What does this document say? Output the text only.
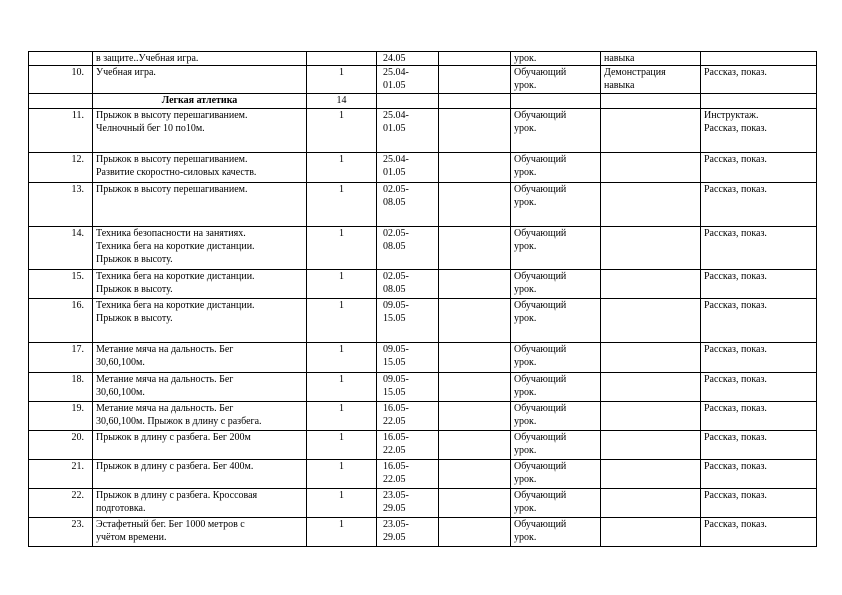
	в защите..Учебная игра.		24.05		урок.	навыка	
10.	Учебная игра.	1	25.04-
01.05		Обучающий
урок.	Демонстрация
навыка	Рассказ, показ.
	Легкая атлетика	14					
11.	Прыжок в высоту перешагиванием.
Челночный бег 10 по10м.	1	25.04-
01.05		Обучающий
урок.		Инструктаж.
Рассказ, показ.
12.	Прыжок в высоту перешагиванием.
Развитие скоростно-силовых качеств.	1	25.04-
01.05		Обучающий
урок.		Рассказ, показ.
13.	Прыжок в высоту перешагиванием.	1	02.05-
08.05		Обучающий
урок.		Рассказ, показ.
14.	Техника безопасности на занятиях.
Техника бега на короткие дистанции.
Прыжок в высоту.	1	02.05-
08.05		Обучающий
урок.		Рассказ, показ.
15.	Техника бега на короткие дистанции.
Прыжок в высоту.	1	02.05-
08.05		Обучающий
урок.		Рассказ, показ.
16.	Техника бега на короткие дистанции.
Прыжок в высоту.	1	09.05-
15.05		Обучающий
урок.		Рассказ, показ.
17.	Метание мяча на дальность. Бег
30,60,100м.	1	09.05-
15.05		Обучающий
урок.		Рассказ, показ.
18.	Метание мяча на дальность. Бег
30,60,100м.	1	09.05-
15.05		Обучающий
урок.		Рассказ, показ.
19.	Метание мяча на дальность. Бег
30,60,100м. Прыжок в длину с разбега.	1	16.05-
22.05		Обучающий
урок.		Рассказ, показ.
20.	Прыжок в длину с разбега. Бег 200м	1	16.05-
22.05		Обучающий
урок.		Рассказ, показ.
21.	Прыжок в длину с разбега. Бег 400м.	1	16.05-
22.05		Обучающий
урок.		Рассказ, показ.
22.	Прыжок в длину с разбега. Кроссовая
подготовка.	1	23.05-
29.05		Обучающий
урок.		Рассказ, показ.
23.	Эстафетный бег. Бег 1000 метров с
учётом времени.	1	23.05-
29.05		Обучающий
урок.		Рассказ, показ.
